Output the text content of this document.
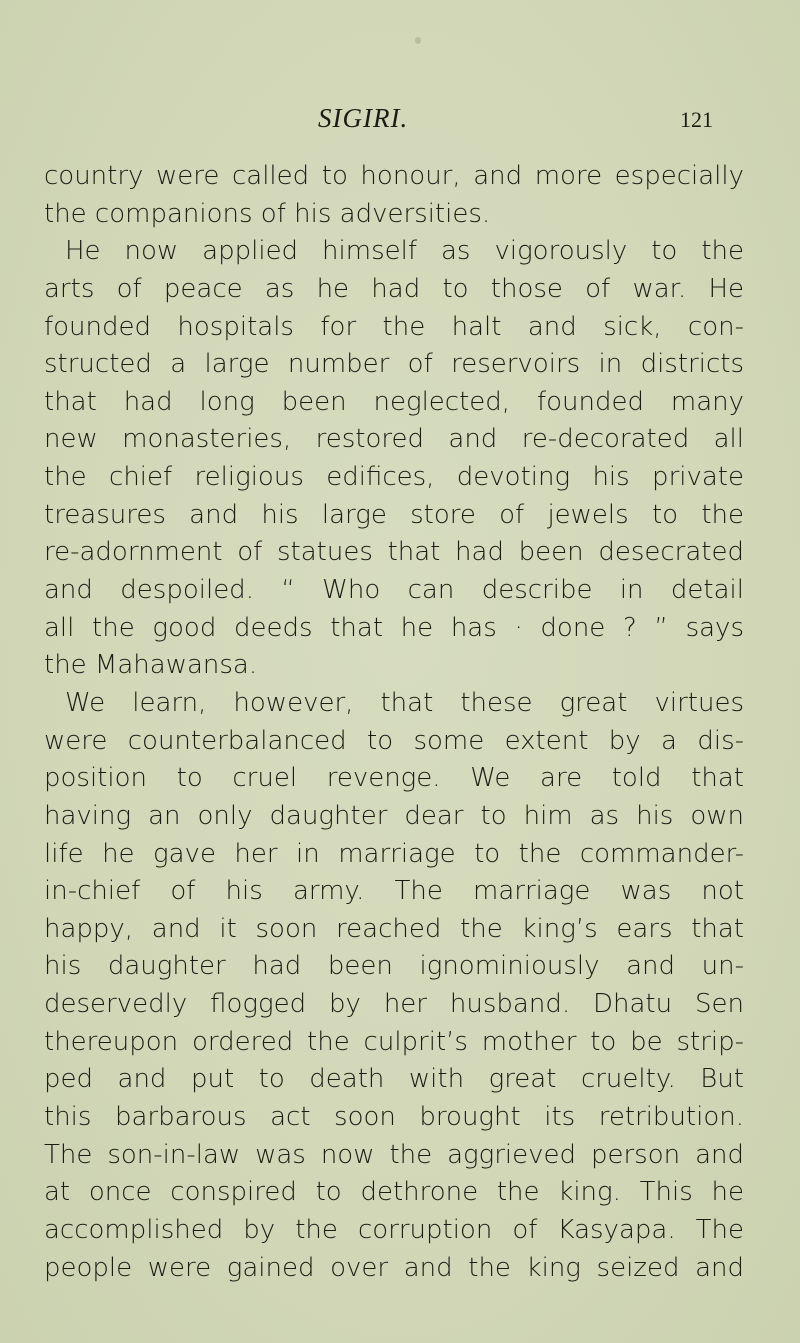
SIGIRI.	121
country were called to honour, and more especially
the companions of his adversities.
He now applied himself as vigorously to the
arts of peace as he had to those of war. He
founded hospitals for the halt and sick, con-
structed a large number of reservoirs in districts
that had long been neglected, founded many
new monasteries, restored and re-decorated all
the chief religious edifices, devoting his private
treasures and his large store of jewels to the
re-adornment of statues that had been desecrated
and despoiled. “ Who can describe in detail
all the good deeds that he has · done ? ” says
the Mahawansa.
We learn, however, that these great virtues
were counterbalanced to some extent by a dis-
position to cruel revenge. We are told that
having an only daughter dear to him as his own
life he gave her in marriage to the commander-
in-chief of his army. The marriage was not
happy, and it soon reached the king’s ears that
his daughter had been ignominiously and un-
deservedly flogged by her husband. Dhatu Sen
thereupon ordered the culprit’s mother to be strip-
ped and put to death with great cruelty. But
this barbarous act soon brought its retribution.
The son-in-law was now the aggrieved person and
at once conspired to dethrone the king. This he
accomplished by the corruption of Kasyapa. The
people were gained over and the king seized and
